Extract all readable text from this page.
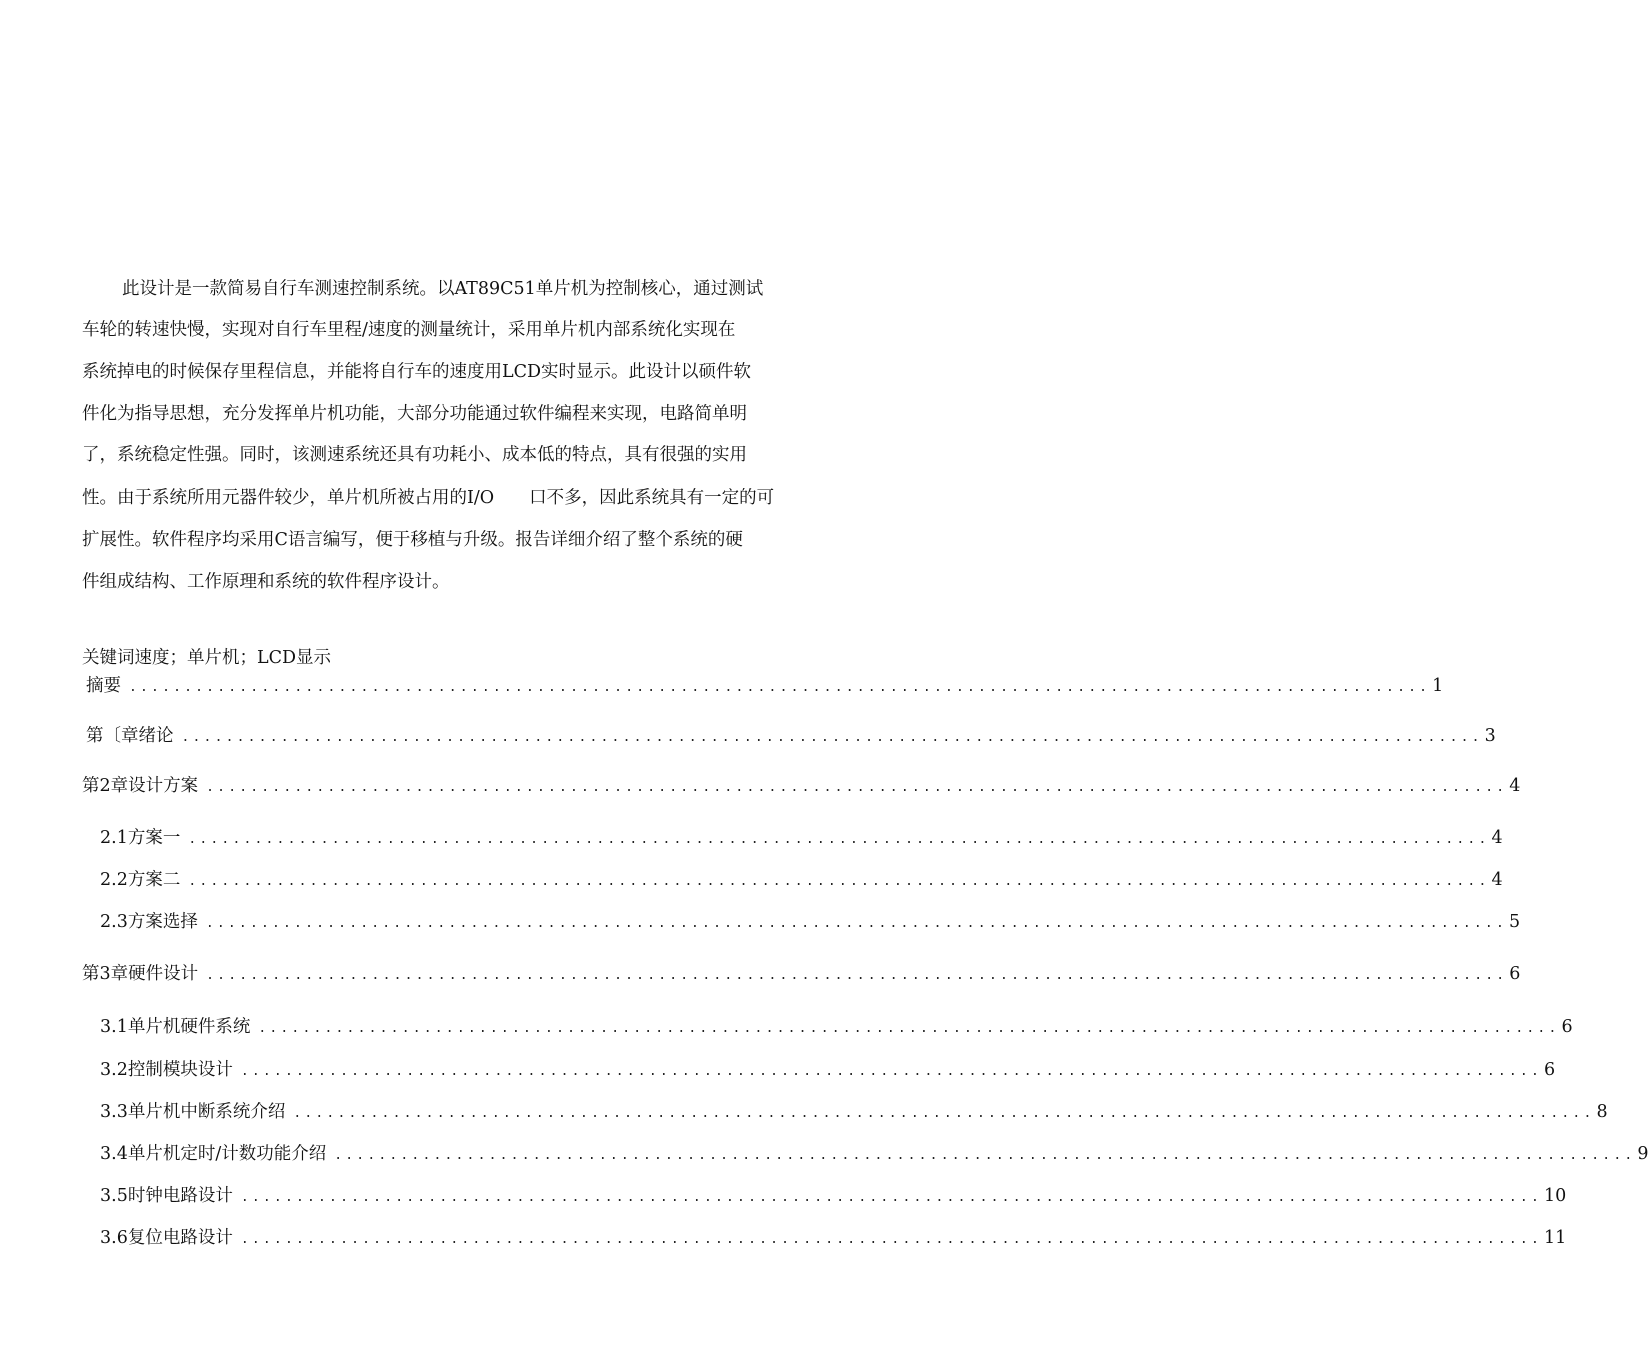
此设计是一款简易自行车测速控制系统。以AT89C51单片机为控制核心，通过测试
车轮的转速快慢，实现对自行车里程/速度的测量统计，采用单片机内部系统化实现在
系统掉电的时候保存里程信息，并能将自行车的速度用LCD实时显示。此设计以硕件软
件化为指导思想，充分发挥单片机功能，大部分功能通过软件编程来实现，电路简单明
了，系统稳定性强。同时，该测速系统还具有功耗小、成本低的特点，具有很强的实用
性。由于系统所用元器件较少，单片机所被占用的I/O　　口不多，因此系统具有一定的可
扩展性。软件程序均采用C语言编写，便于移植与升级。报告详细介绍了整个系统的硬
件组成结构、工作原理和系统的软件程序设计。
关键词速度；单片机；LCD显示
摘要 ...................................................................................................................... 1
第〔章绪论 ...................................................................................................................... 3
第2章设计方案 ...................................................................................................................... 4
2.1方案一 ...................................................................................................................... 4
2.2方案二 ...................................................................................................................... 4
2.3方案选择 ...................................................................................................................... 5
第3章硬件设计 ...................................................................................................................... 6
3.1单片机硬件系统 ...................................................................................................................... 6
3.2控制模块设计 ...................................................................................................................... 6
3.3单片机中断系统介绍 ...................................................................................................................... 8
3.4单片机定时/计数功能介绍 ...................................................................................................................... 9
3.5时钟电路设计 ...................................................................................................................... 10
3.6复位电路设计 ...................................................................................................................... 11
